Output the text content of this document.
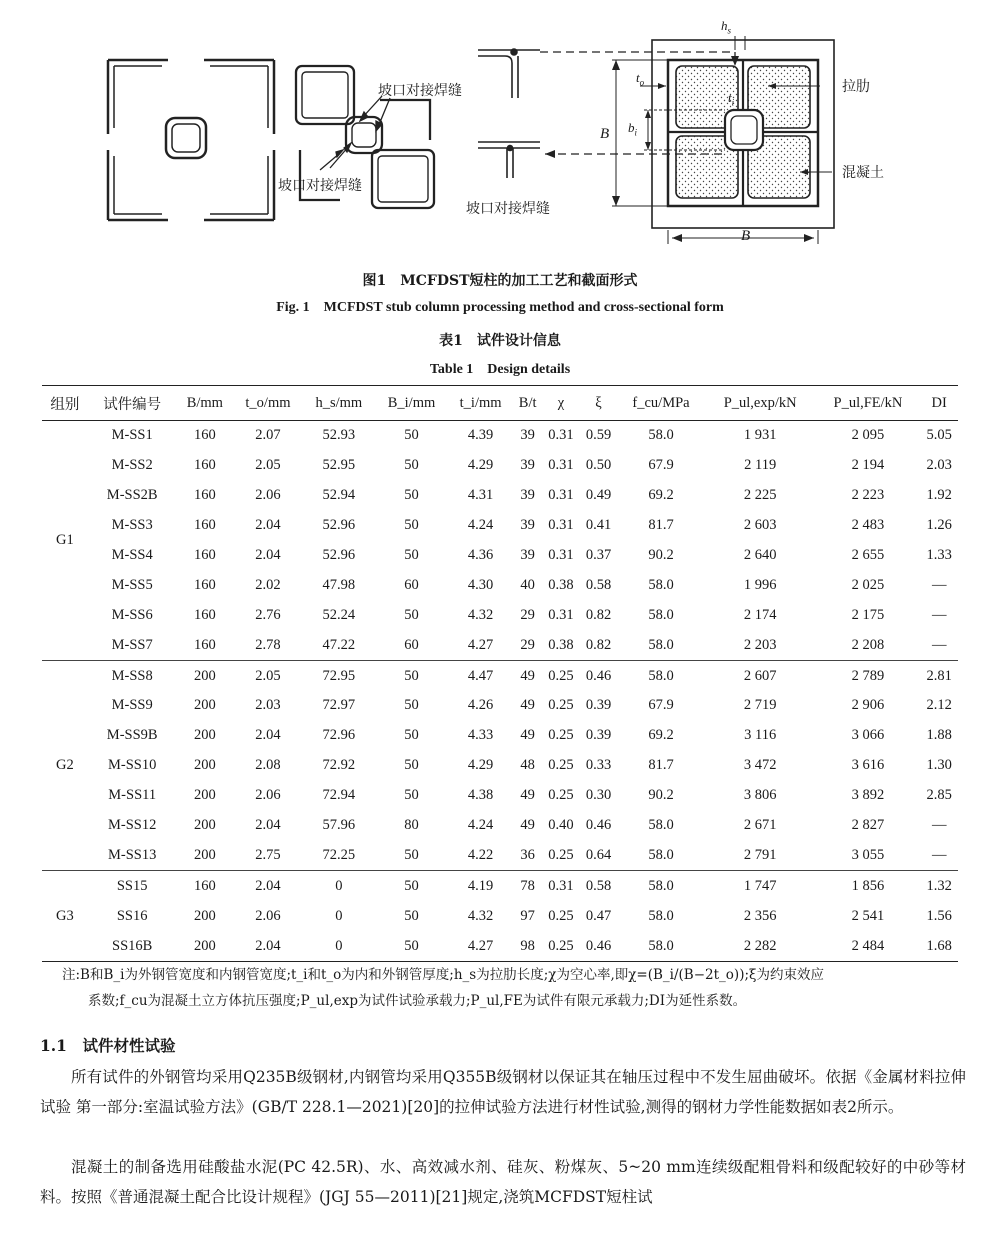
坡口对接焊缝
坡口对接焊缝
坡口对接焊缝
拉肋
混凝土
$h_s$
$t_o$
$t_i$
$b_i$
B
B
图1　MCFDST短柱的加工工艺和截面形式
Fig. 1　MCFDST stub column processing method and cross-sectional form
表1　试件设计信息
Table 1　Design details
组别	试件编号	B/mm	t_o/mm	h_s/mm	B_i/mm	t_i/mm	B/t	χ	ξ	f_cu/MPa	P_ul,exp/kN	P_ul,FE/kN	DI
G1	M-SS1	160	2.07	52.93	50	4.39	39	0.31	0.59	58.0	1 931	2 095	5.05
	M-SS2	160	2.05	52.95	50	4.29	39	0.31	0.50	67.9	2 119	2 194	2.03
	M-SS2B	160	2.06	52.94	50	4.31	39	0.31	0.49	69.2	2 225	2 223	1.92
	M-SS3	160	2.04	52.96	50	4.24	39	0.31	0.41	81.7	2 603	2 483	1.26
	M-SS4	160	2.04	52.96	50	4.36	39	0.31	0.37	90.2	2 640	2 655	1.33
	M-SS5	160	2.02	47.98	60	4.30	40	0.38	0.58	58.0	1 996	2 025	—
	M-SS6	160	2.76	52.24	50	4.32	29	0.31	0.82	58.0	2 174	2 175	—
	M-SS7	160	2.78	47.22	60	4.27	29	0.38	0.82	58.0	2 203	2 208	—
G2	M-SS8	200	2.05	72.95	50	4.47	49	0.25	0.46	58.0	2 607	2 789	2.81
	M-SS9	200	2.03	72.97	50	4.26	49	0.25	0.39	67.9	2 719	2 906	2.12
	M-SS9B	200	2.04	72.96	50	4.33	49	0.25	0.39	69.2	3 116	3 066	1.88
	M-SS10	200	2.08	72.92	50	4.29	48	0.25	0.33	81.7	3 472	3 616	1.30
	M-SS11	200	2.06	72.94	50	4.38	49	0.25	0.30	90.2	3 806	3 892	2.85
	M-SS12	200	2.04	57.96	80	4.24	49	0.40	0.46	58.0	2 671	2 827	—
	M-SS13	200	2.75	72.25	50	4.22	36	0.25	0.64	58.0	2 791	3 055	—
G3	SS15	160	2.04	0	50	4.19	78	0.31	0.58	58.0	1 747	1 856	1.32
	SS16	200	2.06	0	50	4.32	97	0.25	0.47	58.0	2 356	2 541	1.56
	SS16B	200	2.04	0	50	4.27	98	0.25	0.46	58.0	2 282	2 484	1.68
注:B和B_i为外钢管宽度和内钢管宽度;t_i和t_o为内和外钢管厚度;h_s为拉肋长度;χ为空心率,即χ=(B_i/(B−2t_o));ξ为约束效应
系数;f_cu为混凝土立方体抗压强度;P_ul,exp为试件试验承载力;P_ul,FE为试件有限元承载力;DI为延性系数。
1.1　试件材性试验
所有试件的外钢管均采用Q235B级钢材,内钢管均采用Q355B级钢材以保证其在轴压过程中不发生屈曲破坏。依据《金属材料拉伸试验 第一部分:室温试验方法》(GB/T 228.1—2021)[20]的拉伸试验方法进行材性试验,测得的钢材力学性能数据如表2所示。
混凝土的制备选用硅酸盐水泥(PC 42.5R)、水、高效减水剂、硅灰、粉煤灰、5~20 mm连续级配粗骨料和级配较好的中砂等材料。按照《普通混凝土配合比设计规程》(JGJ 55—2011)[21]规定,浇筑MCFDST短柱试
